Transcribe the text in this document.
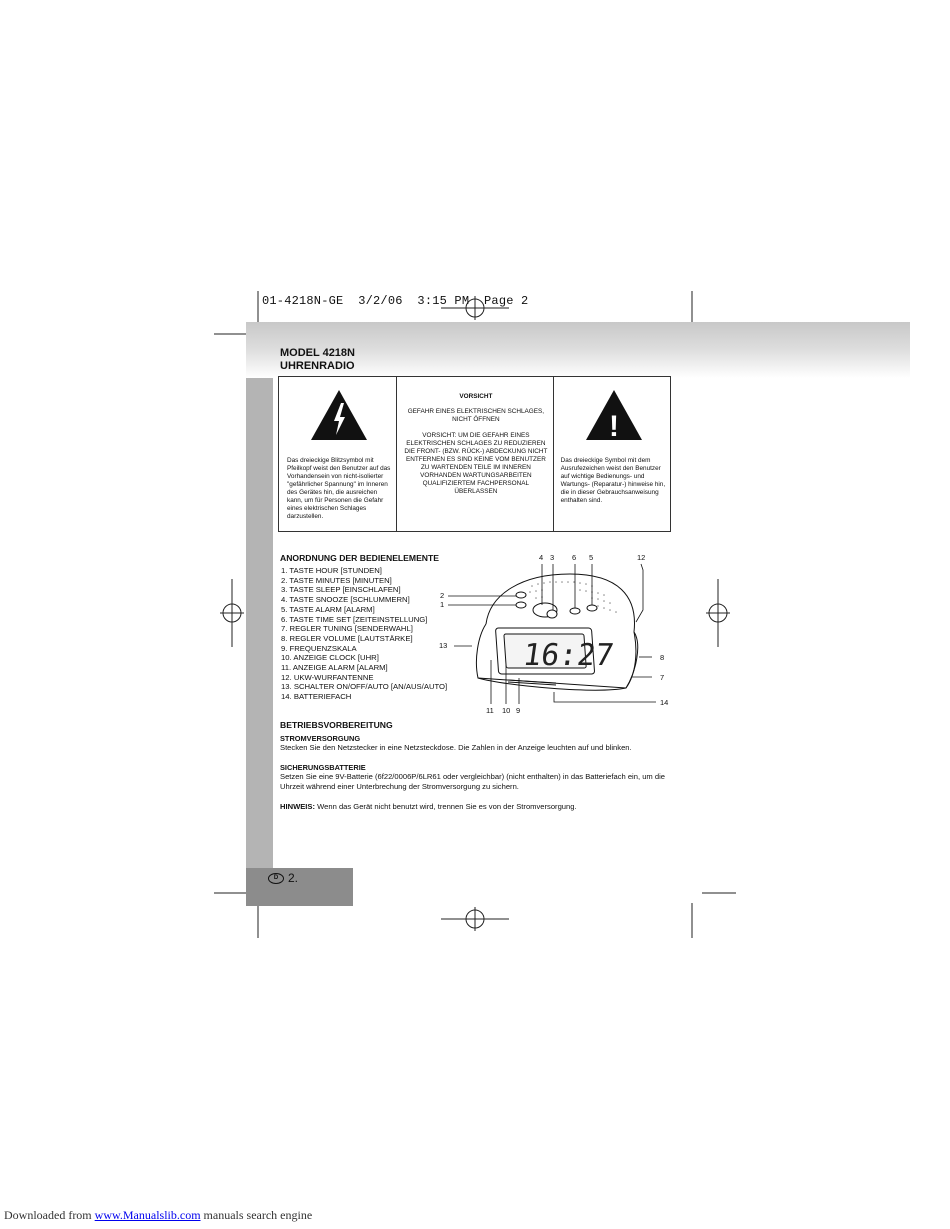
01-4218N-GE  3/2/06  3:15 PM  Page 2
D 2.
MODEL 4218N
UHRENRADIO
Das dreieckige Blitzsymbol mit Pfeilkopf weist den Benutzer auf das Vorhandensein von nicht-isolierter "gefährlicher Spannung" im Inneren des Gerätes hin, die ausreichen kann, um für Personen die Gefahr eines elektrischen Schlages darzustellen.
VORSICHT
GEFAHR EINES ELEKTRISCHEN SCHLAGES, NICHT ÖFFNEN
VORSICHT: UM DIE GEFAHR EINES ELEKTRISCHEN SCHLAGES ZU REDUZIEREN DIE FRONT- (BZW. RÜCK-) ABDECKUNG NICHT ENTFERNEN ES SIND KEINE VOM BENUTZER ZU WARTENDEN TEILE IM INNEREN VORHANDEN WARTUNGSARBEITEN QUALIFIZIERTEM FACHPERSONAL ÜBERLASSEN
!
Das dreieckige Symbol mit dem Ausrufezeichen weist den Benutzer auf wichtige Bedienungs- und Wartungs- (Reparatur-) hinweise hin, die in dieser Gebrauchsanweisung enthalten sind.
ANORDNUNG DER BEDIENELEMENTE
1. TASTE HOUR [STUNDEN]
2. TASTE MINUTES [MINUTEN]
3. TASTE SLEEP [EINSCHLAFEN]
4. TASTE SNOOZE [SCHLUMMERN]
5. TASTE ALARM [ALARM]
6. TASTE TIME SET [ZEITEINSTELLUNG]
7. REGLER TUNING [SENDERWAHL]
8. REGLER VOLUME [LAUTSTÄRKE]
9. FREQUENZSKALA
10. ANZEIGE CLOCK [UHR]
11. ANZEIGE ALARM [ALARM]
12. UKW-WURFANTENNE
13. SCHALTER ON/OFF/AUTO [AN/AUS/AUTO]
14. BATTERIEFACH
16:27
4 3 6 5	12
2
1
13
8
7
14
11 10 9
BETRIEBSVORBEREITUNG
STROMVERSORGUNG
Stecken Sie den Netzstecker in eine Netzsteckdose. Die Zahlen in der Anzeige leuchten auf und blinken.
SICHERUNGSBATTERIE
Setzen Sie eine 9V-Batterie (6f22/0006P/6LR61 oder vergleichbar) (nicht enthalten) in das Batteriefach ein, um die Uhrzeit während einer Unterbrechung der Stromversorgung zu sichern.
HINWEIS: Wenn das Gerät nicht benutzt wird, trennen Sie es von der Stromversorgung.
Downloaded from www.Manualslib.com manuals search engine
